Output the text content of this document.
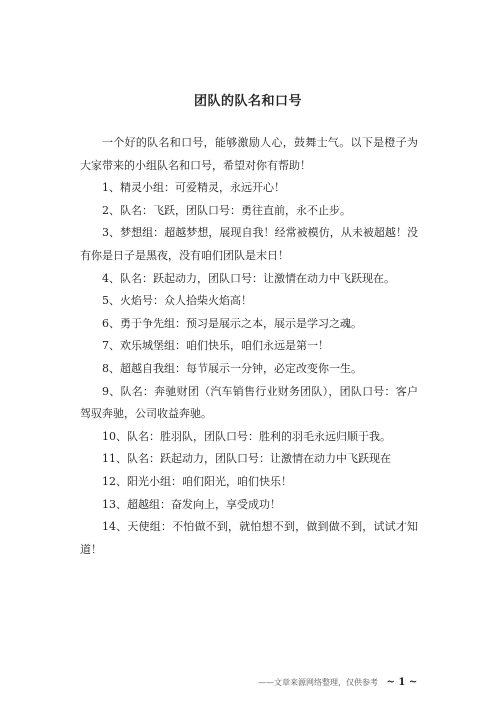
团队的队名和口号

一个好的队名和口号，能够激励人心，鼓舞士气。以下是橙子为大家带来的小组队名和口号，希望对你有帮助！

1、精灵小组：可爱精灵，永远开心！

2、队名：飞跃，团队口号：勇往直前，永不止步。

3、梦想组：超越梦想，展现自我！经常被模仿，从未被超越！没有你是日子是黑夜，没有咱们团队是末日！

4、队名：跃起动力，团队口号：让激情在动力中飞跃现在。

5、火焰号：众人拾柴火焰高！

6、勇于争先组：预习是展示之本，展示是学习之魂。

7、欢乐城堡组：咱们快乐，咱们永远是第一！

8、超越自我组：每节展示一分钟，必定改变你一生。

9、队名：奔驰财团（汽车销售行业财务团队），团队口号：客户驾驭奔驰，公司收益奔驰。

10、队名：胜羽队，团队口号：胜利的羽毛永远归顺于我。

11、队名：跃起动力，团队口号：让激情在动力中飞跃现在

12、阳光小组：咱们阳光，咱们快乐！

13、超越组：奋发向上，享受成功！

14、天使组：不怕做不到，就怕想不到，做到做不到，试试才知道！

——文章来源网络整理，仅供参考 ~ 1 ~
